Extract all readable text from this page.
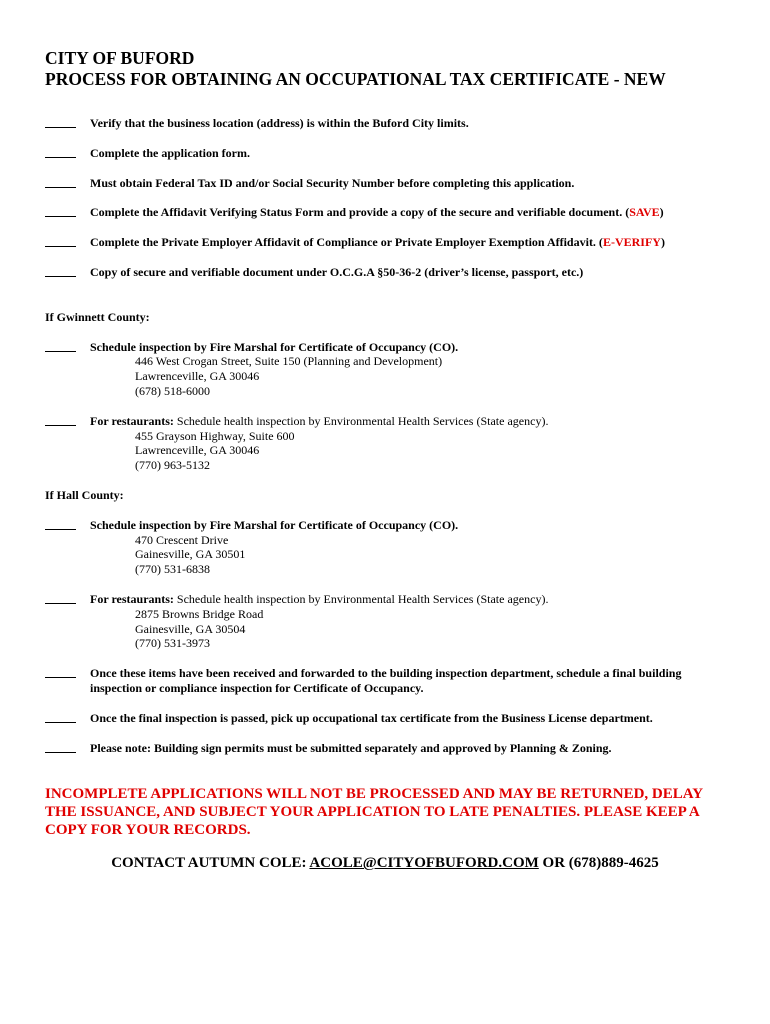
CITY OF BUFORD
PROCESS FOR OBTAINING AN OCCUPATIONAL TAX CERTIFICATE - NEW
Verify that the business location (address) is within the Buford City limits.
Complete the application form.
Must obtain Federal Tax ID and/or Social Security Number before completing this application.
Complete the Affidavit Verifying Status Form and provide a copy of the secure and verifiable document. (SAVE)
Complete the Private Employer Affidavit of Compliance or Private Employer Exemption Affidavit. (E-VERIFY)
Copy of secure and verifiable document under O.C.G.A §50-36-2 (driver’s license, passport, etc.)
If Gwinnett County:
Schedule inspection by Fire Marshal for Certificate of Occupancy (CO).
446 West Crogan Street, Suite 150 (Planning and Development)
Lawrenceville, GA 30046
(678) 518-6000
For restaurants: Schedule health inspection by Environmental Health Services (State agency).
455 Grayson Highway, Suite 600
Lawrenceville, GA 30046
(770) 963-5132
If Hall County:
Schedule inspection by Fire Marshal for Certificate of Occupancy (CO).
470 Crescent Drive
Gainesville, GA 30501
(770) 531-6838
For restaurants: Schedule health inspection by Environmental Health Services (State agency).
2875 Browns Bridge Road
Gainesville, GA 30504
(770) 531-3973
Once these items have been received and forwarded to the building inspection department, schedule a final building inspection or compliance inspection for Certificate of Occupancy.
Once the final inspection is passed, pick up occupational tax certificate from the Business License department.
Please note: Building sign permits must be submitted separately and approved by Planning & Zoning.
INCOMPLETE APPLICATIONS WILL NOT BE PROCESSED AND MAY BE RETURNED, DELAY THE ISSUANCE, AND SUBJECT YOUR APPLICATION TO LATE PENALTIES. PLEASE KEEP A COPY FOR YOUR RECORDS.
CONTACT AUTUMN COLE: ACOLE@CITYOFBUFORD.COM OR (678)889-4625
